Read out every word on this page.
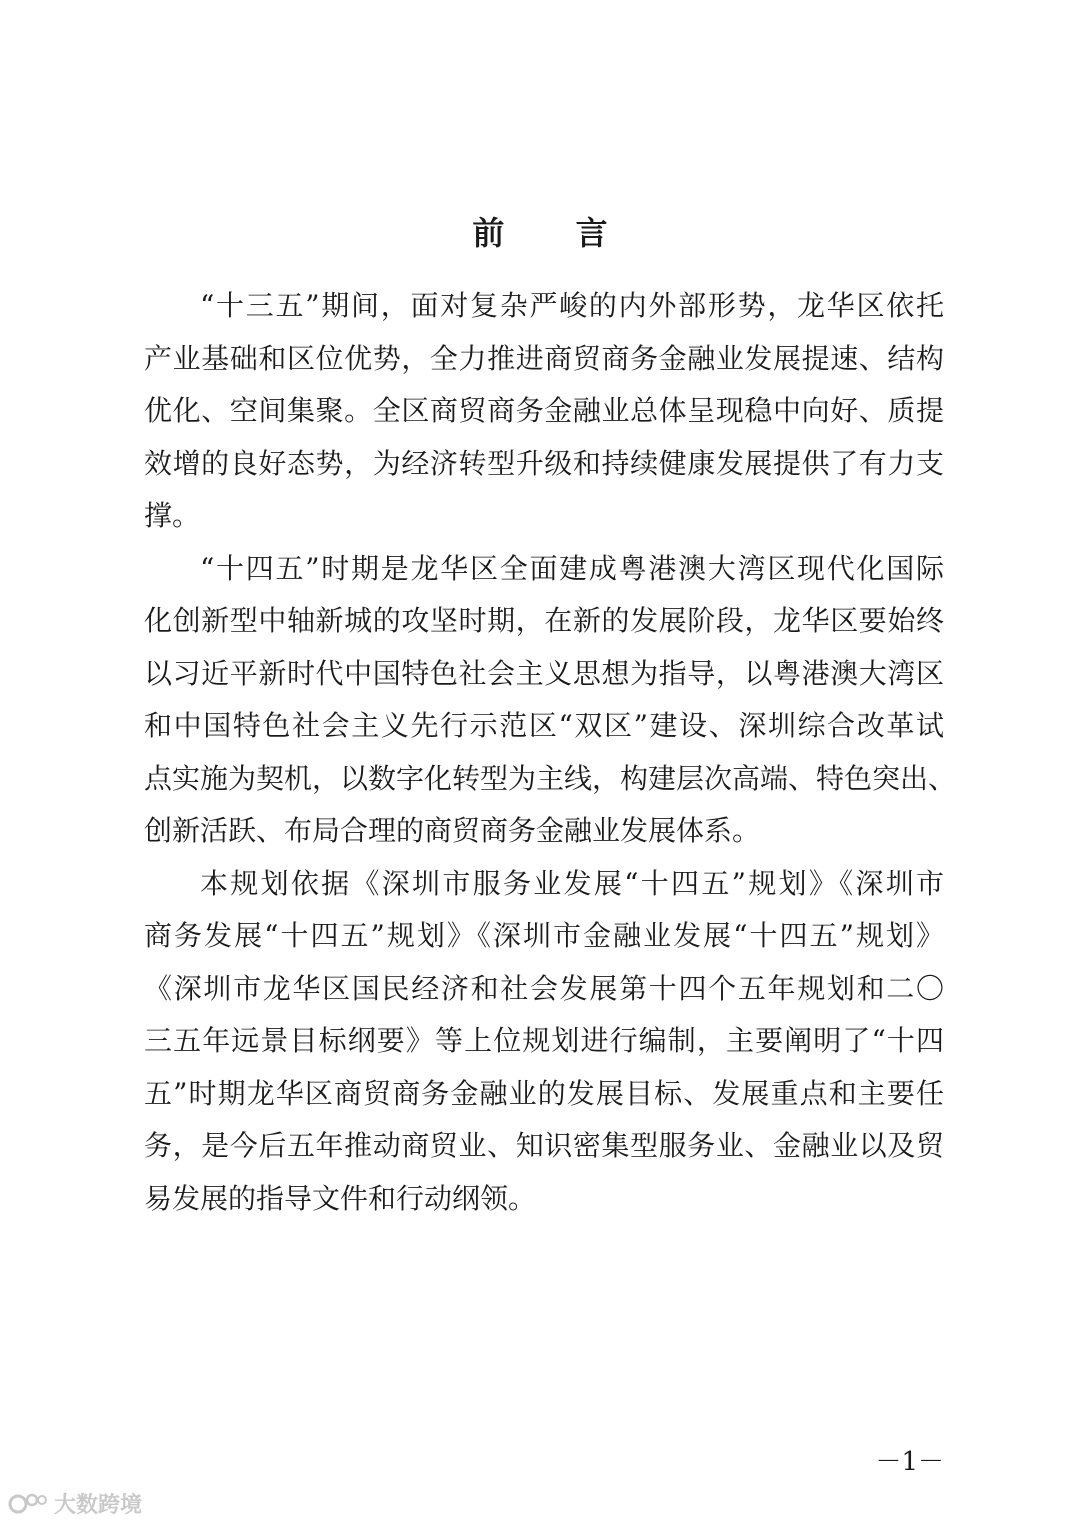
前 言
“十三五”期间，面对复杂严峻的内外部形势，龙华区依托
产业基础和区位优势，全力推进商贸商务金融业发展提速、结构
优化、空间集聚。全区商贸商务金融业总体呈现稳中向好、质提
效增的良好态势，为经济转型升级和持续健康发展提供了有力支
撑。
“十四五”时期是龙华区全面建成粤港澳大湾区现代化国际
化创新型中轴新城的攻坚时期，在新的发展阶段，龙华区要始终
以习近平新时代中国特色社会主义思想为指导，以粤港澳大湾区
和中国特色社会主义先行示范区“双区”建设、深圳综合改革试
点实施为契机，以数字化转型为主线，构建层次高端、特色突出、
创新活跃、布局合理的商贸商务金融业发展体系。
本规划依据《深圳市服务业发展“十四五”规划》《深圳市
商务发展“十四五”规划》《深圳市金融业发展“十四五”规划》
《深圳市龙华区国民经济和社会发展第十四个五年规划和二〇
三五年远景目标纲要》等上位规划进行编制，主要阐明了“十四
五”时期龙华区商贸商务金融业的发展目标、发展重点和主要任
务，是今后五年推动商贸业、知识密集型服务业、金融业以及贸
易发展的指导文件和行动纲领。
－1－
大数跨境
